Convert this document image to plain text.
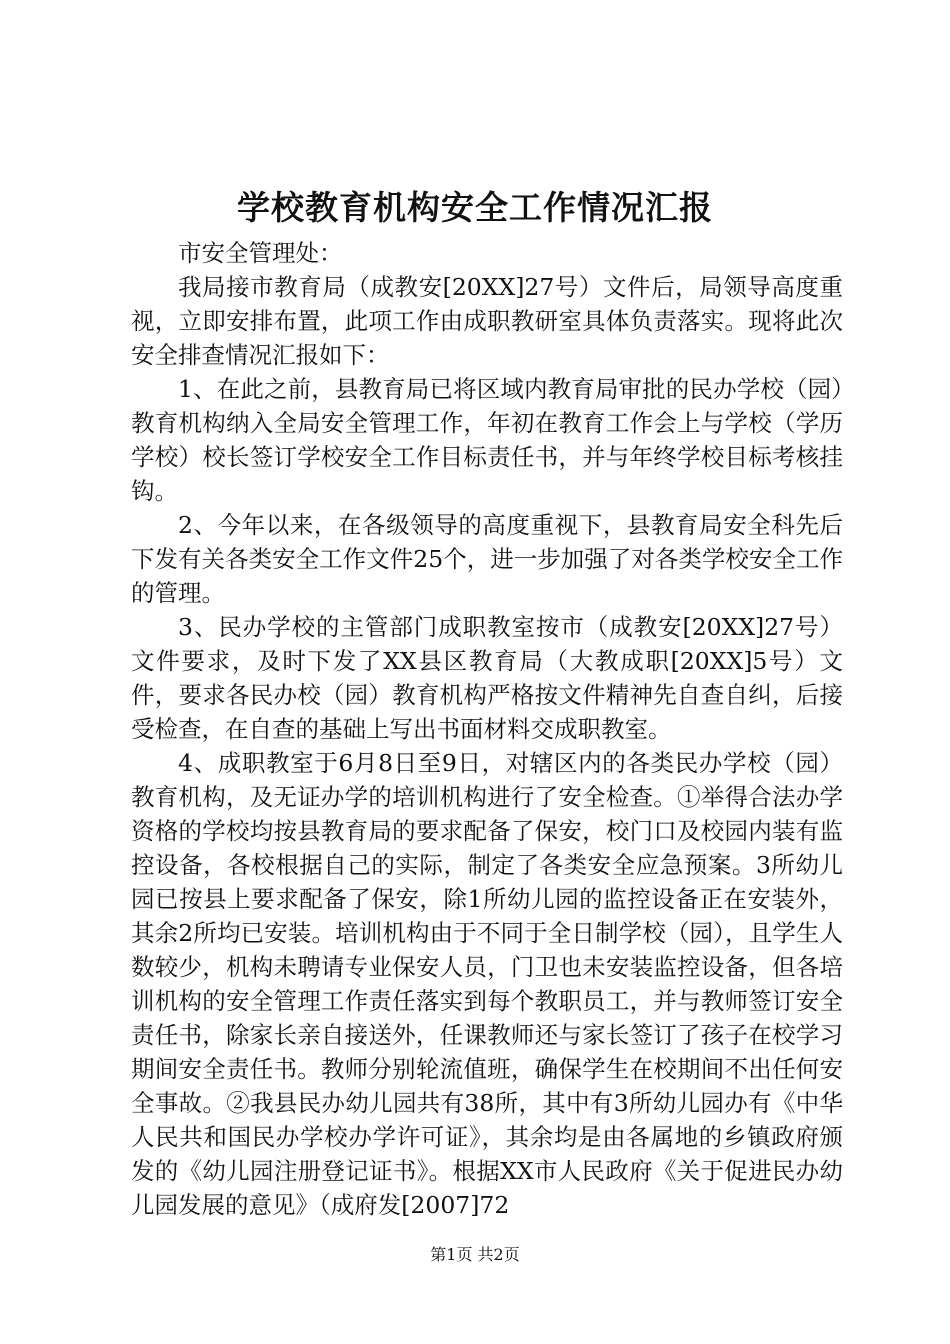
学校教育机构安全工作情况汇报

市安全管理处：

我局接市教育局（成教安[20XX]27号）文件后，局领导高度重视，立即安排布置，此项工作由成职教研室具体负责落实。现将此次安全排查情况汇报如下：

1、在此之前，县教育局已将区域内教育局审批的民办学校（园）教育机构纳入全局安全管理工作，年初在教育工作会上与学校（学历学校）校长签订学校安全工作目标责任书，并与年终学校目标考核挂钩。

2、今年以来，在各级领导的高度重视下，县教育局安全科先后下发有关各类安全工作文件25个，进一步加强了对各类学校安全工作的管理。

3、民办学校的主管部门成职教室按市（成教安[20XX]27号）文件要求，及时下发了XX县区教育局（大教成职[20XX]5号）文件，要求各民办校（园）教育机构严格按文件精神先自查自纠，后接受检查，在自查的基础上写出书面材料交成职教室。

4、成职教室于6月8日至9日，对辖区内的各类民办学校（园）教育机构，及无证办学的培训机构进行了安全检查。①举得合法办学资格的学校均按县教育局的要求配备了保安，校门口及校园内装有监控设备，各校根据自己的实际，制定了各类安全应急预案。3所幼儿园已按县上要求配备了保安，除1所幼儿园的监控设备正在安装外，其余2所均已安装。培训机构由于不同于全日制学校（园），且学生人数较少，机构未聘请专业保安人员，门卫也未安装监控设备，但各培训机构的安全管理工作责任落实到每个教职员工，并与教师签订安全责任书，除家长亲自接送外，任课教师还与家长签订了孩子在校学习期间安全责任书。教师分别轮流值班，确保学生在校期间不出任何安全事故。②我县民办幼儿园共有38所，其中有3所幼儿园办有《中华人民共和国民办学校办学许可证》，其余均是由各属地的乡镇政府颁发的《幼儿园注册登记证书》。根据XX市人民政府《关于促进民办幼儿园发展的意见》（成府发[2007]72

第1页 共2页
